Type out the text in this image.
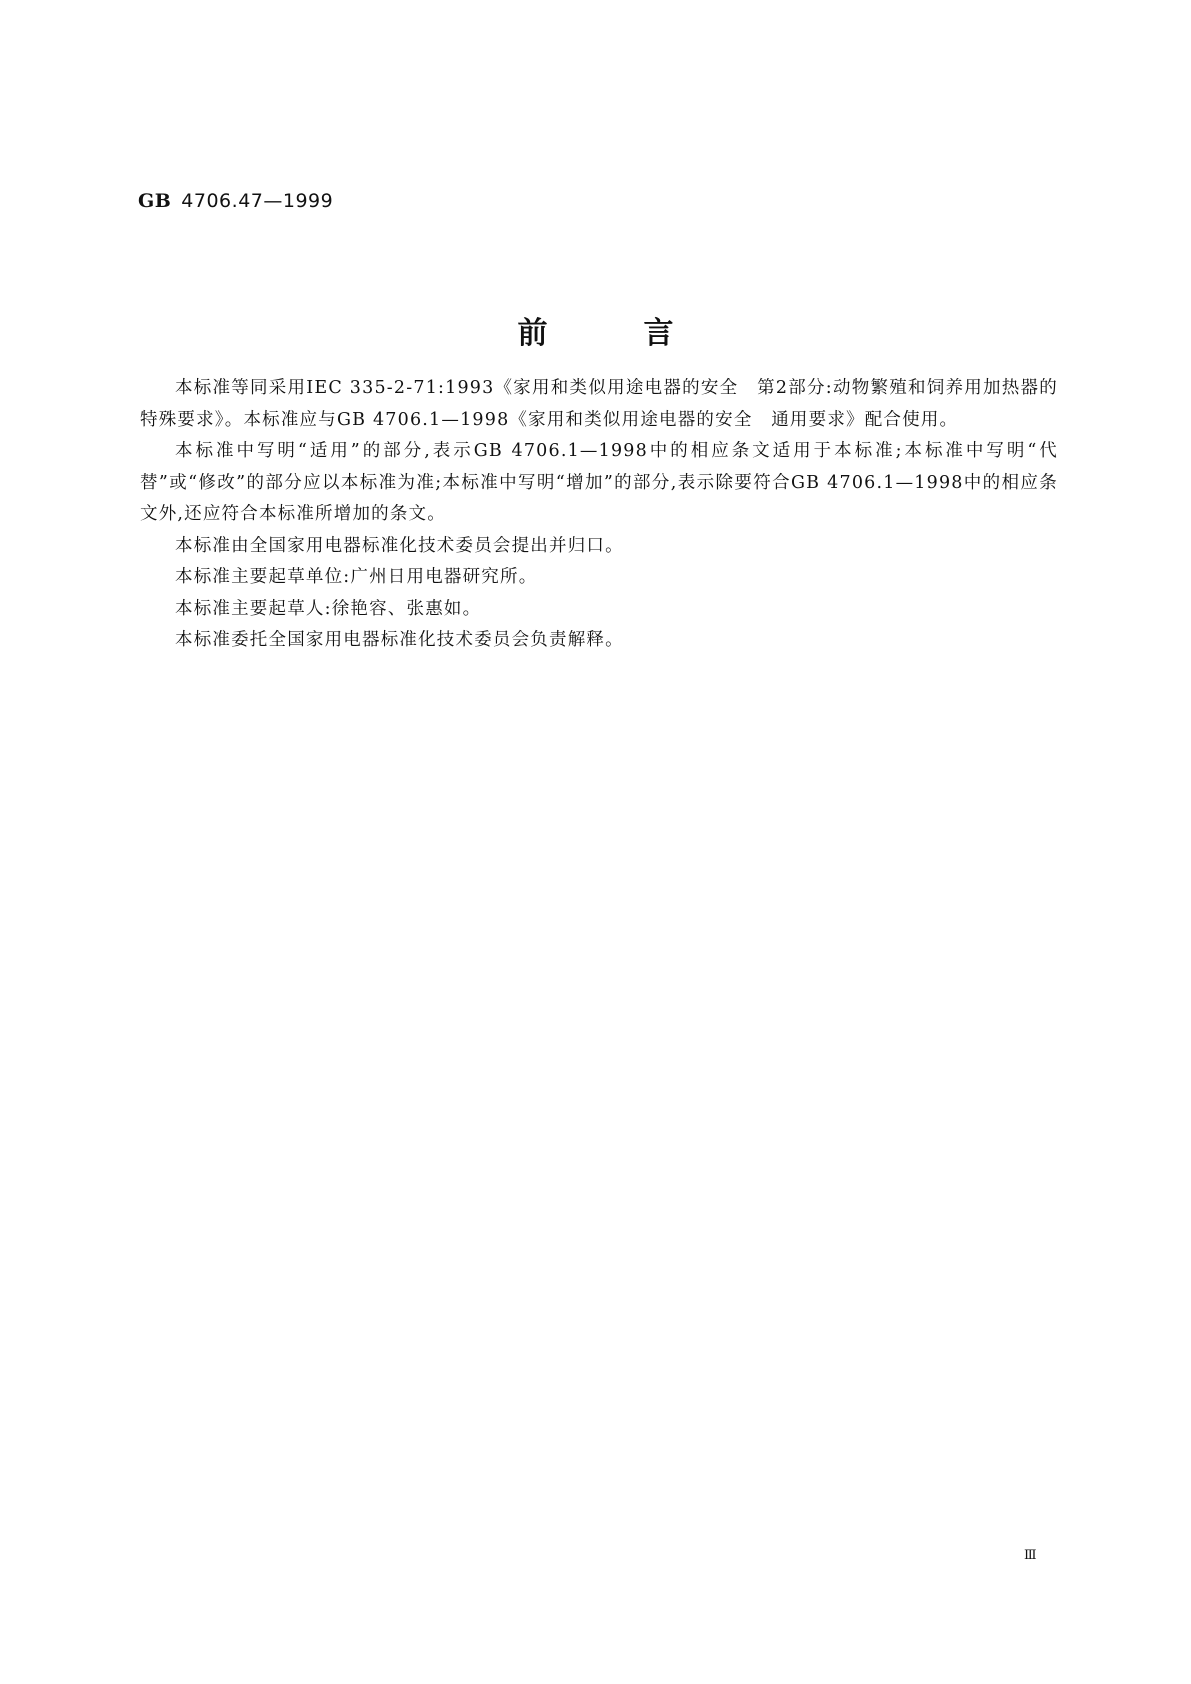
GB 4706.47—1999
前言

本标准等同采用IEC 335-2-71:1993《家用和类似用途电器的安全　第2部分:动物繁殖和饲养用加热器的特殊要求》。本标准应与GB 4706.1—1998《家用和类似用途电器的安全　通用要求》配合使用。

本标准中写明“适用”的部分,表示GB 4706.1—1998中的相应条文适用于本标准;本标准中写明“代替”或“修改”的部分应以本标准为准;本标准中写明“增加”的部分,表示除要符合GB 4706.1—1998中的相应条文外,还应符合本标准所增加的条文。

本标准由全国家用电器标准化技术委员会提出并归口。

本标准主要起草单位:广州日用电器研究所。

本标准主要起草人:徐艳容、张惠如。

本标准委托全国家用电器标准化技术委员会负责解释。

Ⅲ
